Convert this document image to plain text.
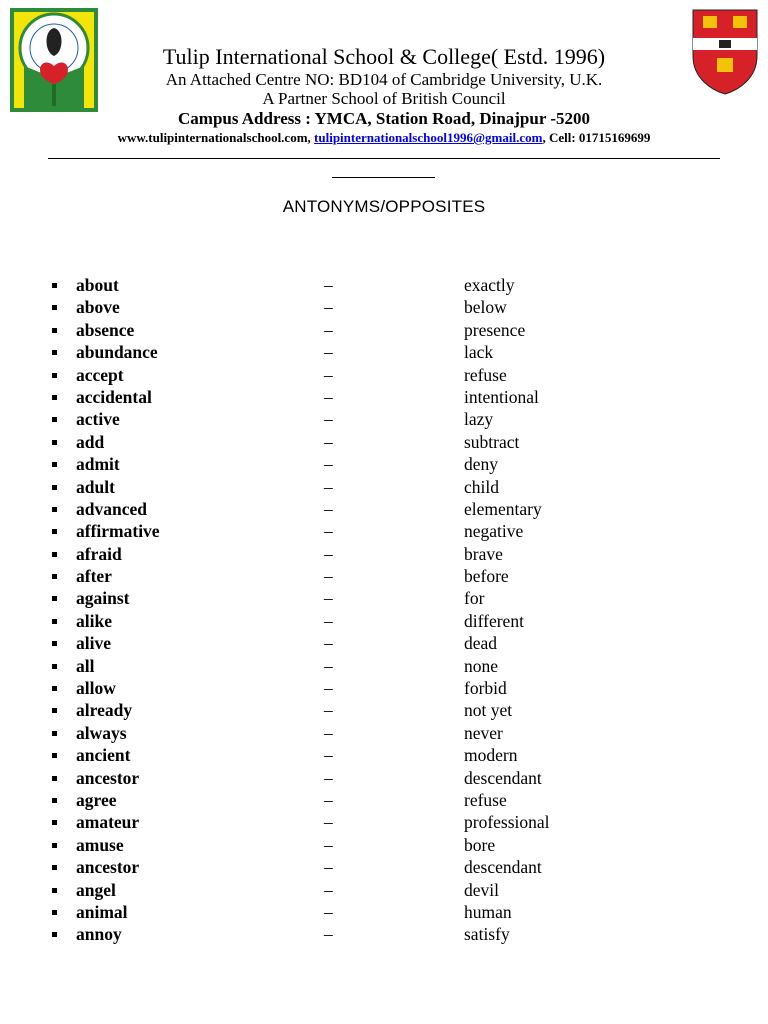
Tulip International School & College( Estd. 1996)
An Attached Centre NO: BD104 of Cambridge University, U.K.
A Partner School of British Council
Campus Address : YMCA, Station Road, Dinajpur -5200
www.tulipinternationalschool.com, tulipinternationalschool1996@gmail.com, Cell: 01715169699
ANTONYMS/OPPOSITES
about	–	exactly
above	–	below
absence	–	presence
abundance	–	lack
accept	–	refuse
accidental	–	intentional
active	–	lazy
add	–	subtract
admit	–	deny
adult	–	child
advanced	–	elementary
affirmative	–	negative
afraid	–	brave
after	–	before
against	–	for
alike	–	different
alive	–	dead
all	–	none
allow	–	forbid
already	–	not yet
always	–	never
ancient	–	modern
ancestor	–	descendant
agree	–	refuse
amateur	–	professional
amuse	–	bore
ancestor	–	descendant
angel	–	devil
animal	–	human
annoy	–	satisfy
